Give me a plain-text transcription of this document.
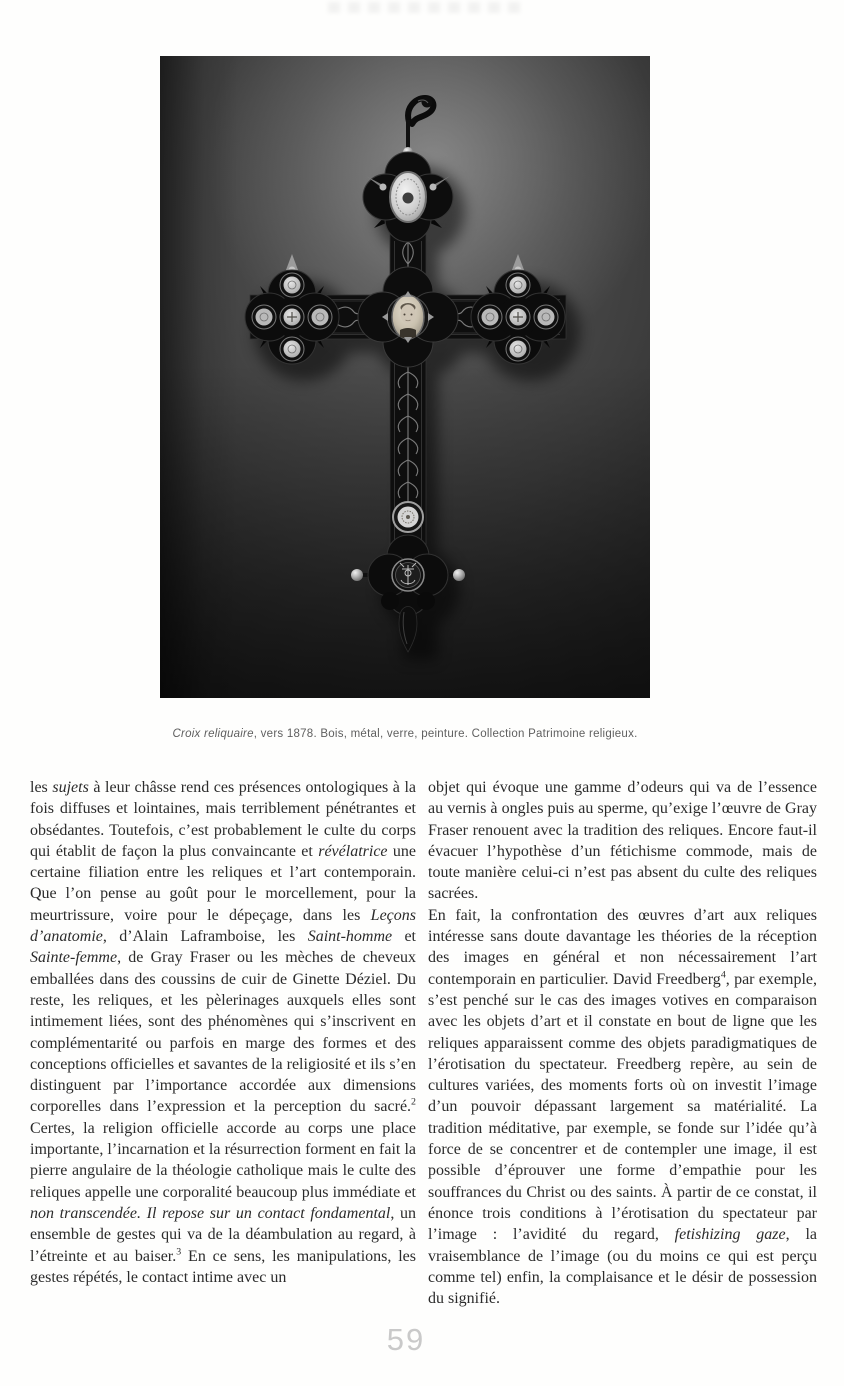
Croix reliquaire, vers 1878. Bois, métal, verre, peinture. Collection Patrimoine religieux.

les sujets à leur châsse rend ces présences ontologiques à la fois diffuses et lointaines, mais terriblement pénétrantes et obsédantes. Toutefois, c’est probablement le culte du corps qui établit de façon la plus convaincante et révélatrice une certaine filiation entre les reliques et l’art contemporain. Que l’on pense au goût pour le morcellement, pour la meurtrissure, voire pour le dépeçage, dans les Leçons d’anatomie, d’Alain Laframboise, les Saint-homme et Sainte-femme, de Gray Fraser ou les mèches de cheveux emballées dans des coussins de cuir de Ginette Déziel. Du reste, les reliques, et les pèlerinages auxquels elles sont intimement liées, sont des phénomènes qui s’inscrivent en complémentarité ou parfois en marge des formes et des conceptions officielles et savantes de la religiosité et ils s’en distinguent par l’importance accordée aux dimensions corporelles dans l’expression et la perception du sacré.$^2$ Certes, la religion officielle accorde au corps une place importante, l’incarnation et la résurrection forment en fait la pierre angulaire de la théologie catholique mais le culte des reliques appelle une corporalité beaucoup plus immédiate et non transcendée. Il repose sur un contact fondamental, un ensemble de gestes qui va de la déambulation au regard, à l’étreinte et au baiser.$^3$ En ce sens, les manipulations, les gestes répétés, le contact intime avec un

objet qui évoque une gamme d’odeurs qui va de l’essence au vernis à ongles puis au sperme, qu’exige l’œuvre de Gray Fraser renouent avec la tradition des reliques. Encore faut-il évacuer l’hypothèse d’un fétichisme commode, mais de toute manière celui-ci n’est pas absent du culte des reliques sacrées.

En fait, la confrontation des œuvres d’art aux reliques intéresse sans doute davantage les théories de la réception des images en général et non nécessairement l’art contemporain en particulier. David Freedberg$^4$, par exemple, s’est penché sur le cas des images votives en comparaison avec les objets d’art et il constate en bout de ligne que les reliques apparaissent comme des objets paradigmatiques de l’érotisation du spectateur. Freedberg repère, au sein de cultures variées, des moments forts où on investit l’image d’un pouvoir dépassant largement sa matérialité. La tradition méditative, par exemple, se fonde sur l’idée qu’à force de se concentrer et de contempler une image, il est possible d’éprouver une forme d’empathie pour les souffrances du Christ ou des saints. À partir de ce constat, il énonce trois conditions à l’érotisation du spectateur par l’image : l’avidité du regard, fetishizing gaze, la vraisemblance de l’image (ou du moins ce qui est perçu comme tel) enfin, la complaisance et le désir de possession du signifié.

59
